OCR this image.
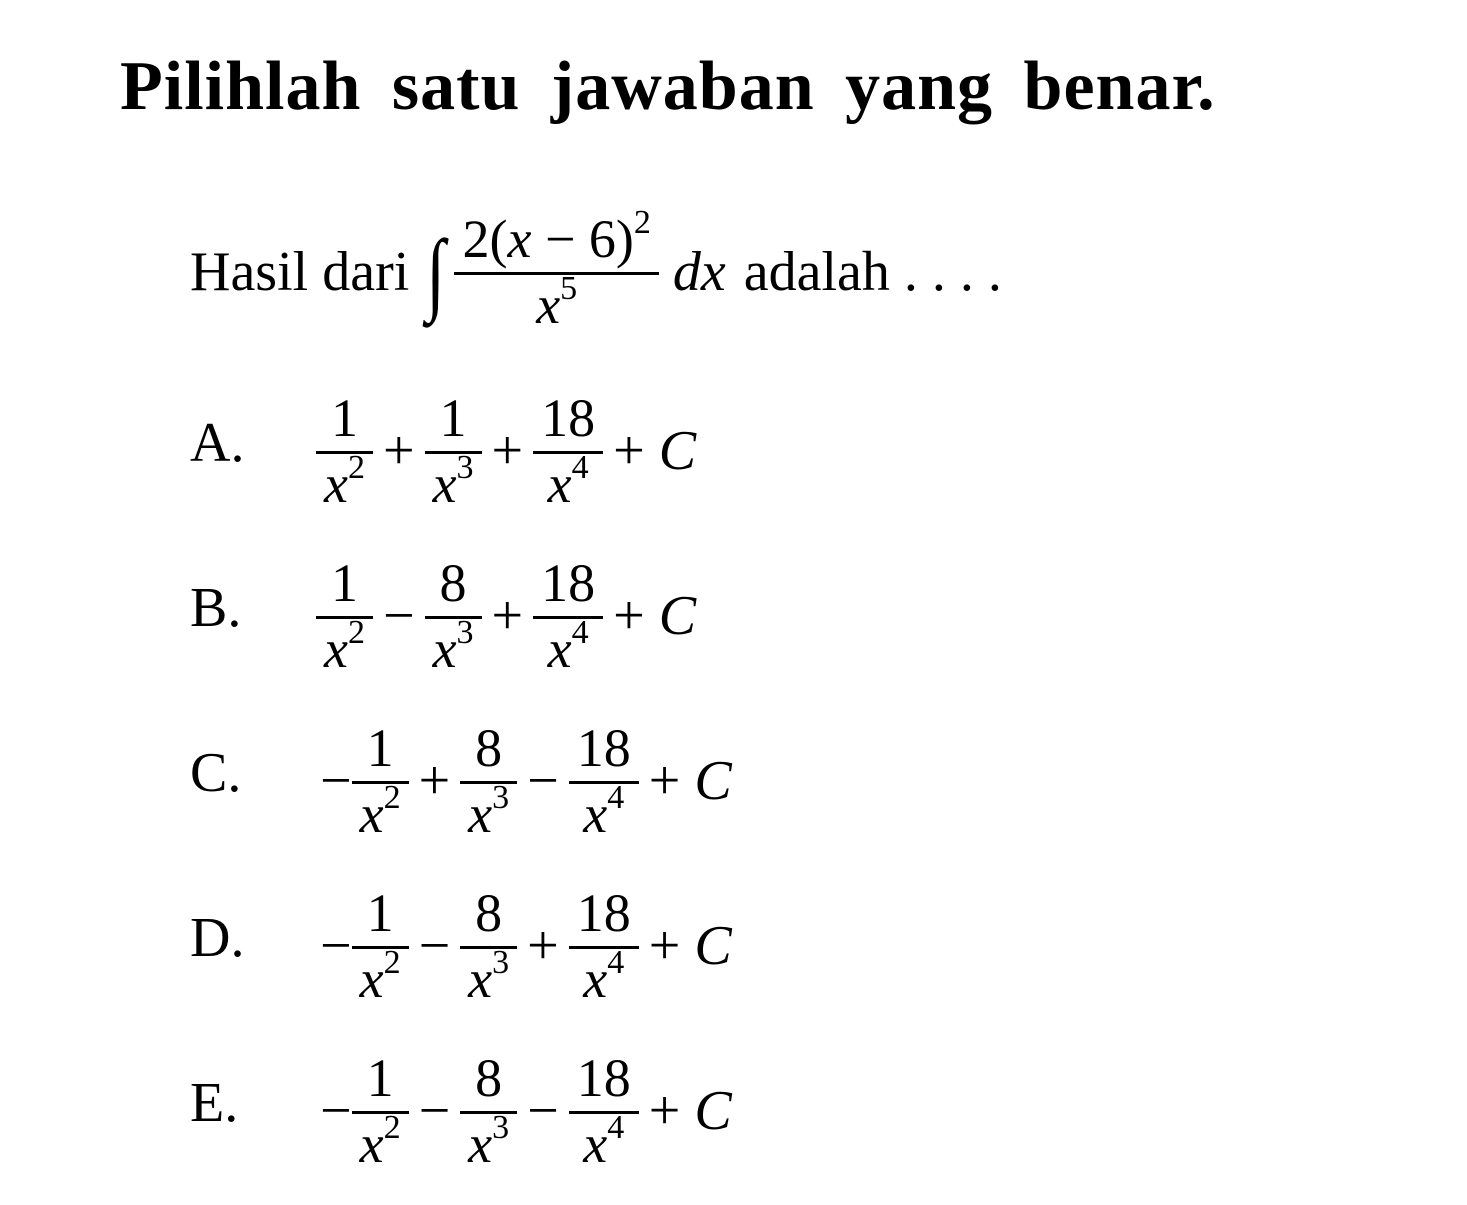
Pilihlah satu jawaban yang benar.
Hasil dari ∫ $\frac{2(x - 6)^2}{x^5}$ dx adalah ....
A. $\frac{1}{x^2} + \frac{1}{x^3} + \frac{18}{x^4} + C$
B. $\frac{1}{x^2} - \frac{8}{x^3} + \frac{18}{x^4} + C$
C. − $\frac{1}{x^2} + \frac{8}{x^3} - \frac{18}{x^4} + C$
D. − $\frac{1}{x^2} - \frac{8}{x^3} + \frac{18}{x^4} + C$
E. − $\frac{1}{x^2} - \frac{8}{x^3} - \frac{18}{x^4} + C$
